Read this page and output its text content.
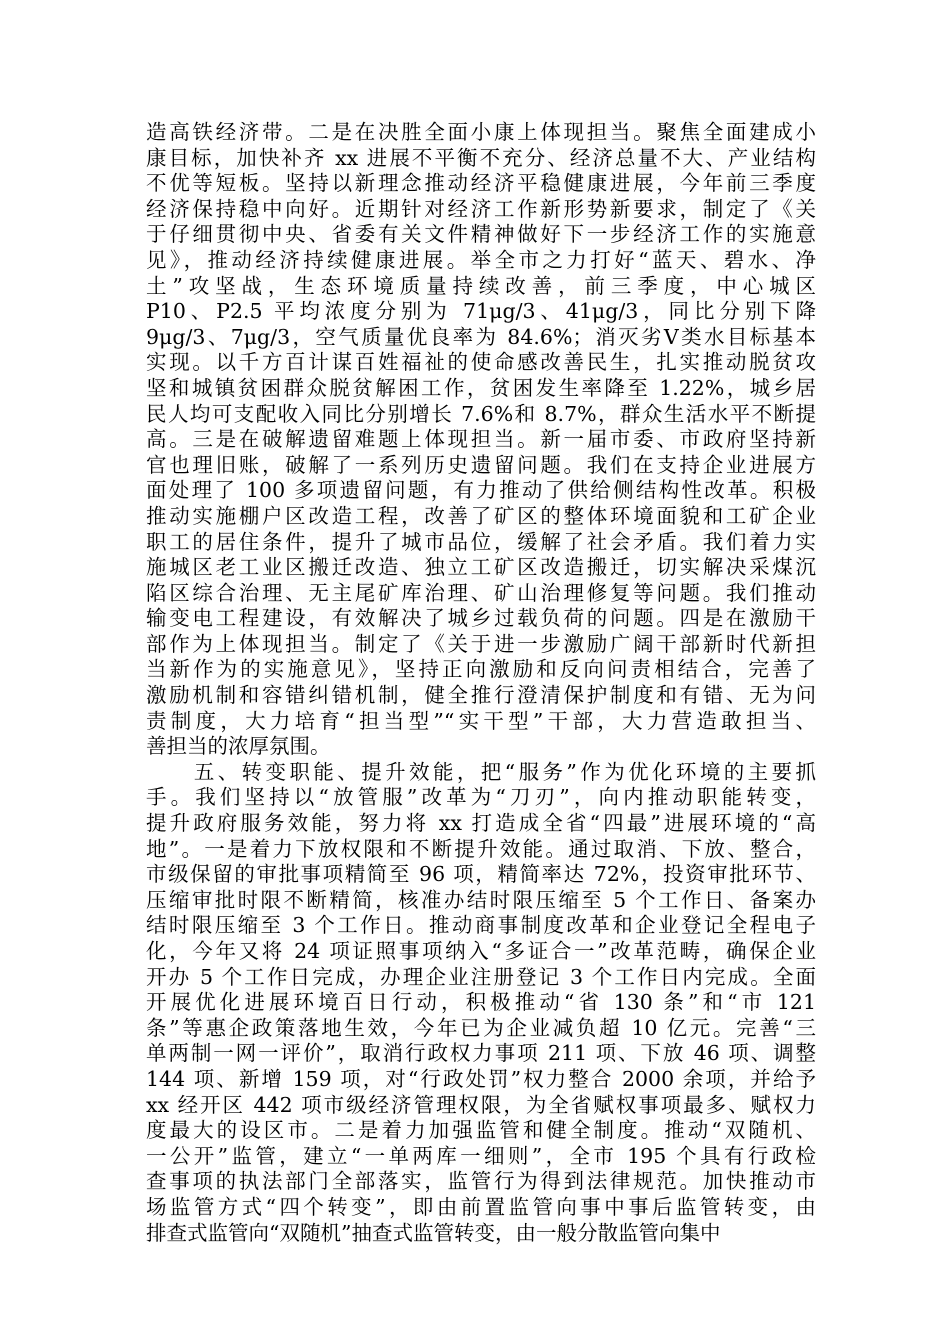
造高铁经济带。二是在决胜全面小康上体现担当。聚焦全面建成小
康目标，加快补齐 xx 进展不平衡不充分、经济总量不大、产业结构
不优等短板。坚持以新理念推动经济平稳健康进展，今年前三季度
经济保持稳中向好。近期针对经济工作新形势新要求，制定了《关
于仔细贯彻中央、省委有关文件精神做好下一步经济工作的实施意
见》，推动经济持续健康进展。举全市之力打好“蓝天、碧水、净
土”攻坚战，生态环境质量持续改善，前三季度，中心城区
P10、P2.5 平均浓度分别为 71μg/3、41μg/3，同比分别下降
9μg/3、7μg/3，空气质量优良率为 84.6%；消灭劣Ⅴ类水目标基本
实现。以千方百计谋百姓福祉的使命感改善民生，扎实推动脱贫攻
坚和城镇贫困群众脱贫解困工作，贫困发生率降至 1.22%，城乡居
民人均可支配收入同比分别增长 7.6%和 8.7%，群众生活水平不断提
高。三是在破解遗留难题上体现担当。新一届市委、市政府坚持新
官也理旧账，破解了一系列历史遗留问题。我们在支持企业进展方
面处理了 100 多项遗留问题，有力推动了供给侧结构性改革。积极
推动实施棚户区改造工程，改善了矿区的整体环境面貌和工矿企业
职工的居住条件，提升了城市品位，缓解了社会矛盾。我们着力实
施城区老工业区搬迁改造、独立工矿区改造搬迁，切实解决采煤沉
陷区综合治理、无主尾矿库治理、矿山治理修复等问题。我们推动
输变电工程建设，有效解决了城乡过载负荷的问题。四是在激励干
部作为上体现担当。制定了《关于进一步激励广阔干部新时代新担
当新作为的实施意见》，坚持正向激励和反向问责相结合，完善了
激励机制和容错纠错机制，健全推行澄清保护制度和有错、无为问
责制度，大力培育“担当型”“实干型”干部，大力营造敢担当、
善担当的浓厚氛围。
　　五、转变职能、提升效能，把“服务”作为优化环境的主要抓
手。我们坚持以“放管服”改革为“刀刃”，向内推动职能转变，
提升政府服务效能，努力将 xx 打造成全省“四最”进展环境的“高
地”。一是着力下放权限和不断提升效能。通过取消、下放、整合，
市级保留的审批事项精简至 96 项，精简率达 72%，投资审批环节、
压缩审批时限不断精简，核准办结时限压缩至 5 个工作日、备案办
结时限压缩至 3 个工作日。推动商事制度改革和企业登记全程电子
化，今年又将 24 项证照事项纳入“多证合一”改革范畴，确保企业
开办 5 个工作日完成，办理企业注册登记 3 个工作日内完成。全面
开展优化进展环境百日行动，积极推动“省 130 条”和“市 121
条”等惠企政策落地生效，今年已为企业减负超 10 亿元。完善“三
单两制一网一评价”，取消行政权力事项 211 项、下放 46 项、调整
144 项、新增 159 项，对“行政处罚”权力整合 2000 余项，并给予
xx 经开区 442 项市级经济管理权限，为全省赋权事项最多、赋权力
度最大的设区市。二是着力加强监管和健全制度。推动“双随机、
一公开”监管，建立“一单两库一细则”，全市 195 个具有行政检
查事项的执法部门全部落实，监管行为得到法律规范。加快推动市
场监管方式“四个转变”，即由前置监管向事中事后监管转变，由
排查式监管向“双随机”抽查式监管转变，由一般分散监管向集中
